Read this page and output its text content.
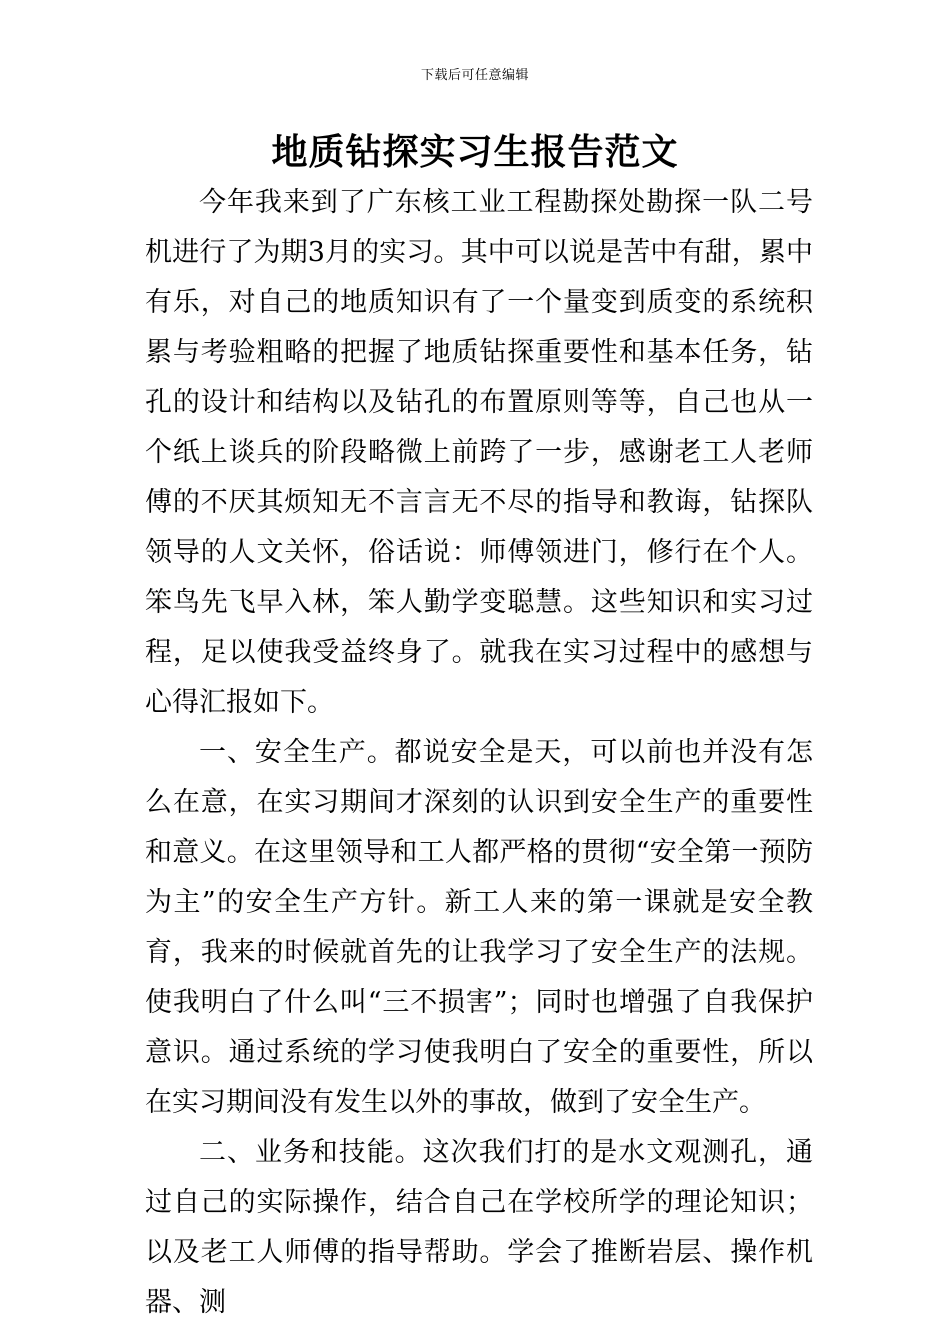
下载后可任意编辑
地质钻探实习生报告范文

今年我来到了广东核工业工程勘探处勘探一队二号机进行了为期3月的实习。其中可以说是苦中有甜，累中有乐，对自己的地质知识有了一个量变到质变的系统积累与考验粗略的把握了地质钻探重要性和基本任务，钻孔的设计和结构以及钻孔的布置原则等等，自己也从一个纸上谈兵的阶段略微上前跨了一步，感谢老工人老师傅的不厌其烦知无不言言无不尽的指导和教诲，钻探队领导的人文关怀，俗话说：师傅领进门，修行在个人。笨鸟先飞早入林，笨人勤学变聪慧。这些知识和实习过程，足以使我受益终身了。就我在实习过程中的感想与心得汇报如下。

一、安全生产。都说安全是天，可以前也并没有怎么在意，在实习期间才深刻的认识到安全生产的重要性和意义。在这里领导和工人都严格的贯彻“安全第一预防为主”的安全生产方针。新工人来的第一课就是安全教育，我来的时候就首先的让我学习了安全生产的法规。使我明白了什么叫“三不损害”；同时也增强了自我保护意识。通过系统的学习使我明白了安全的重要性，所以在实习期间没有发生以外的事故，做到了安全生产。

二、业务和技能。这次我们打的是水文观测孔，通过自己的实际操作，结合自己在学校所学的理论知识；以及老工人师傅的指导帮助。学会了推断岩层、操作机器、测
